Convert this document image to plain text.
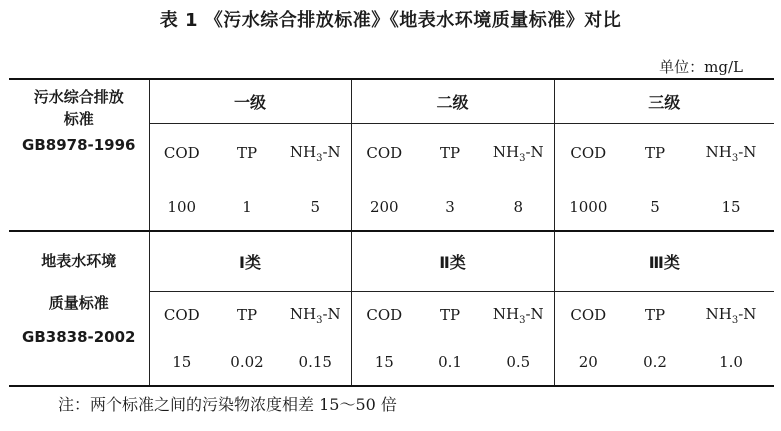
表 1 《污水综合排放标准》《地表水环境质量标准》对比
单位：mg/L
污水综合排放
标准
GB8978-1996	一级			二级			三级		
	COD	TP	$NH_3-N$	COD	TP	$NH_3-N$	COD	TP	$NH_3-N$
	100	1	5	200	3	8	1000	5	15

地表水环境
质量标准
GB3838-2002	Ⅰ类			Ⅱ类			Ⅲ类		
	COD	TP	$NH_3-N$	COD	TP	$NH_3-N$	COD	TP	$NH_3-N$
	15	0.02	0.15	15	0.1	0.5	20	0.2	1.0
注：两个标准之间的污染物浓度相差 15～50 倍
